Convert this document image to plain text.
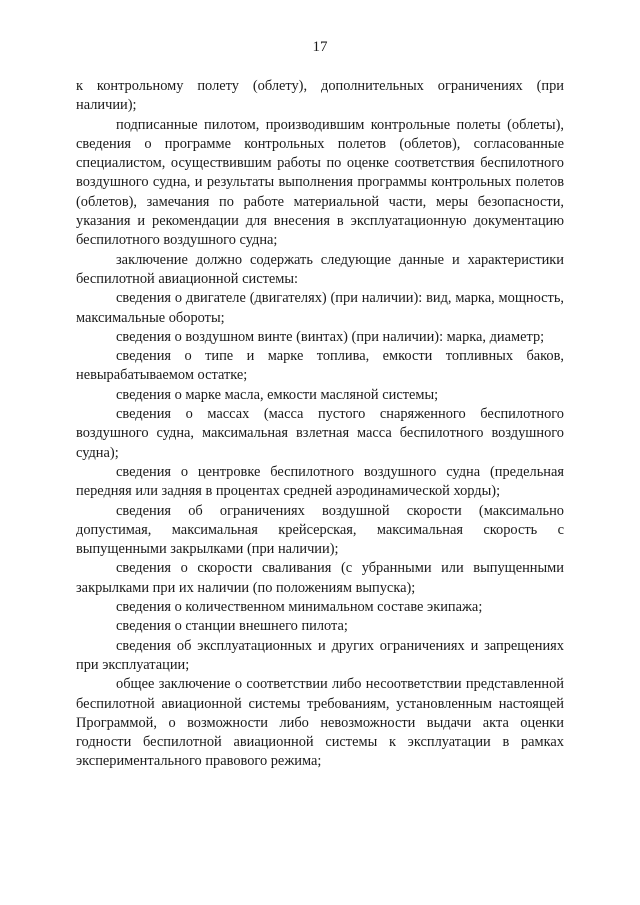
17

к контрольному полету (облету), дополнительных ограничениях (при наличии);

подписанные пилотом, производившим контрольные полеты (облеты), сведения о программе контрольных полетов (облетов), согласованные специалистом, осуществившим работы по оценке соответствия беспилотного воздушного судна, и результаты выполнения программы контрольных полетов (облетов), замечания по работе материальной части, меры безопасности, указания и рекомендации для внесения в эксплуатационную документацию беспилотного воздушного судна;

заключение должно содержать следующие данные и характеристики беспилотной авиационной системы:

сведения о двигателе (двигателях) (при наличии): вид, марка, мощность, максимальные обороты;

сведения о воздушном винте (винтах) (при наличии): марка, диаметр;

сведения о типе и марке топлива, емкости топливных баков, невырабатываемом остатке;

сведения о марке масла, емкости масляной системы;

сведения о массах (масса пустого снаряженного беспилотного воздушного судна, максимальная взлетная масса беспилотного воздушного судна);

сведения о центровке беспилотного воздушного судна (предельная передняя или задняя в процентах средней аэродинамической хорды);

сведения об ограничениях воздушной скорости (максимально допустимая, максимальная крейсерская, максимальная скорость с выпущенными закрылками (при наличии);

сведения о скорости сваливания (с убранными или выпущенными закрылками при их наличии (по положениям выпуска);

сведения о количественном минимальном составе экипажа;

сведения о станции внешнего пилота;

сведения об эксплуатационных и других ограничениях и запрещениях при эксплуатации;

общее заключение о соответствии либо несоответствии представленной беспилотной авиационной системы требованиям, установленным настоящей Программой, о возможности либо невозможности выдачи акта оценки годности беспилотной авиационной системы к эксплуатации в рамках экспериментального правового режима;
